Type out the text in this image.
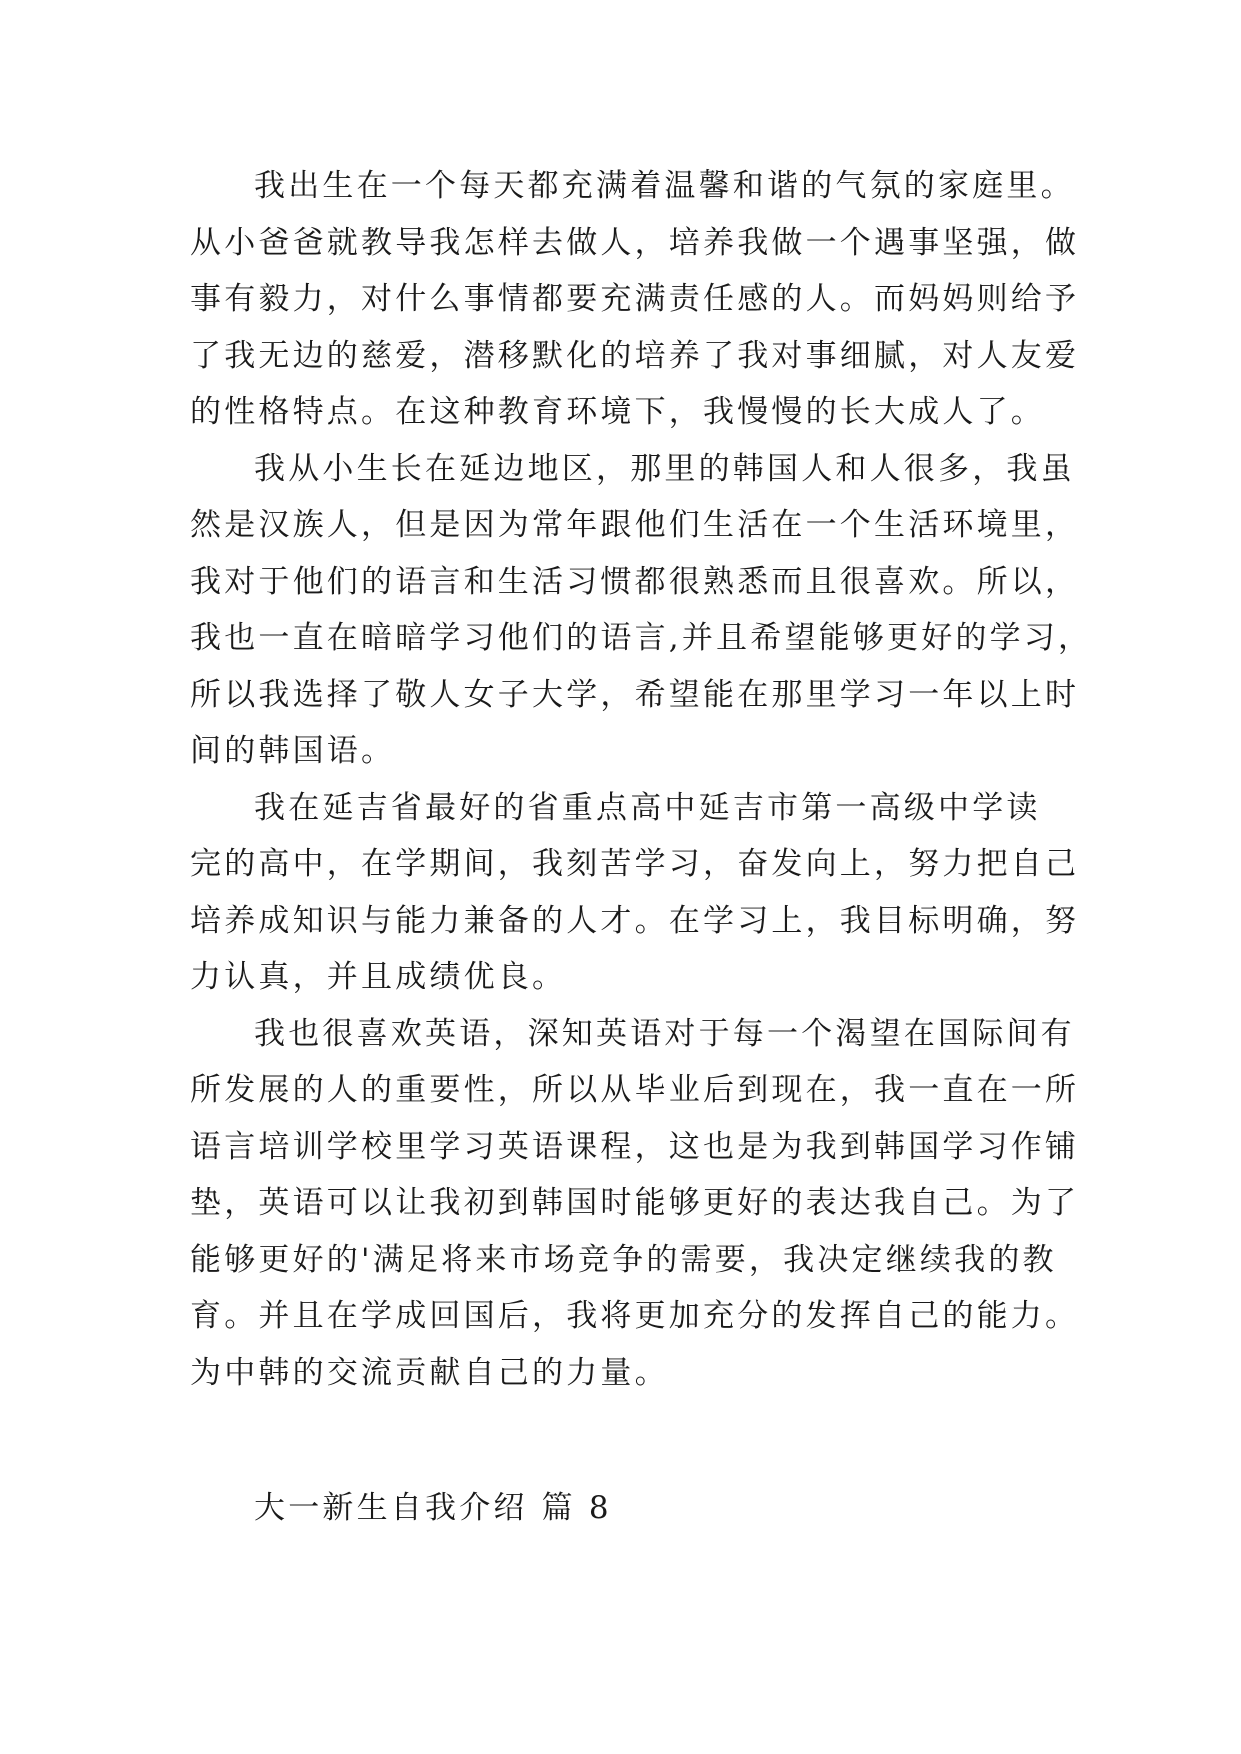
我出生在一个每天都充满着温馨和谐的气氛的家庭里。
从小爸爸就教导我怎样去做人，培养我做一个遇事坚强，做
事有毅力，对什么事情都要充满责任感的人。而妈妈则给予
了我无边的慈爱，潜移默化的培养了我对事细腻，对人友爱
的性格特点。在这种教育环境下，我慢慢的长大成人了。
我从小生长在延边地区，那里的韩国人和人很多，我虽
然是汉族人，但是因为常年跟他们生活在一个生活环境里，
我对于他们的语言和生活习惯都很熟悉而且很喜欢。所以，
我也一直在暗暗学习他们的语言,并且希望能够更好的学习，
所以我选择了敬人女子大学，希望能在那里学习一年以上时
间的韩国语。
我在延吉省最好的省重点高中延吉市第一高级中学读
完的高中，在学期间，我刻苦学习，奋发向上，努力把自己
培养成知识与能力兼备的人才。在学习上，我目标明确，努
力认真，并且成绩优良。
我也很喜欢英语，深知英语对于每一个渴望在国际间有
所发展的人的重要性，所以从毕业后到现在，我一直在一所
语言培训学校里学习英语课程，这也是为我到韩国学习作铺
垫，英语可以让我初到韩国时能够更好的表达我自己。为了
能够更好的'满足将来市场竞争的需要，我决定继续我的教
育。并且在学成回国后，我将更加充分的发挥自己的能力。
为中韩的交流贡献自己的力量。
大一新生自我介绍 篇 8
